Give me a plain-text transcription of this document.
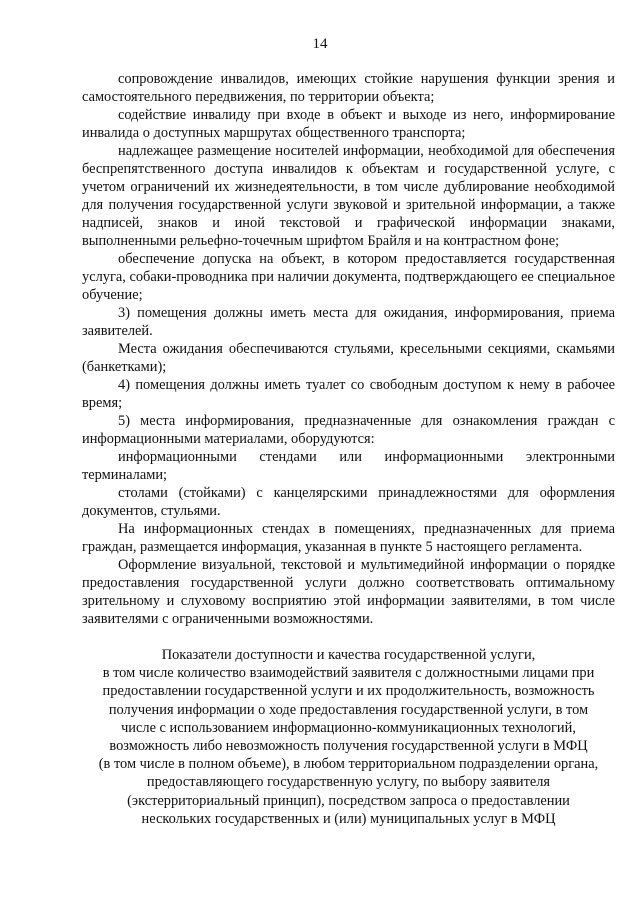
14

сопровождение инвалидов, имеющих стойкие нарушения функции зрения и самостоятельного передвижения, по территории объекта;

содействие инвалиду при входе в объект и выходе из него, информирование инвалида о доступных маршрутах общественного транспорта;

надлежащее размещение носителей информации, необходимой для обеспечения беспрепятственного доступа инвалидов к объектам и государственной услуге, с учетом ограничений их жизнедеятельности, в том числе дублирование необходимой для получения государственной услуги звуковой и зрительной информации, а также надписей, знаков и иной текстовой и графической информации знаками, выполненными рельефно-точечным шрифтом Брайля и на контрастном фоне;

обеспечение допуска на объект, в котором предоставляется государственная услуга, собаки-проводника при наличии документа, подтверждающего ее специальное обучение;

3) помещения должны иметь места для ожидания, информирования, приема заявителей.

Места ожидания обеспечиваются стульями, кресельными секциями, скамьями (банкетками);

4) помещения должны иметь туалет со свободным доступом к нему в рабочее время;

5) места информирования, предназначенные для ознакомления граждан с информационными материалами, оборудуются:

информационными стендами или информационными электронными терминалами;

столами (стойками) с канцелярскими принадлежностями для оформления документов, стульями.

На информационных стендах в помещениях, предназначенных для приема граждан, размещается информация, указанная в пункте 5 настоящего регламента.

Оформление визуальной, текстовой и мультимедийной информации о порядке предоставления государственной услуги должно соответствовать оптимальному зрительному и слуховому восприятию этой информации заявителями, в том числе заявителями с ограниченными возможностями.

Показатели доступности и качества государственной услуги,
в том числе количество взаимодействий заявителя с должностными лицами при
предоставлении государственной услуги и их продолжительность, возможность
получения информации о ходе предоставления государственной услуги, в том
числе с использованием информационно-коммуникационных технологий,
возможность либо невозможность получения государственной услуги в МФЦ
(в том числе в полном объеме), в любом территориальном подразделении органа,
предоставляющего государственную услугу, по выбору заявителя
(экстерриториальный принцип), посредством запроса о предоставлении
нескольких государственных и (или) муниципальных услуг в МФЦ
